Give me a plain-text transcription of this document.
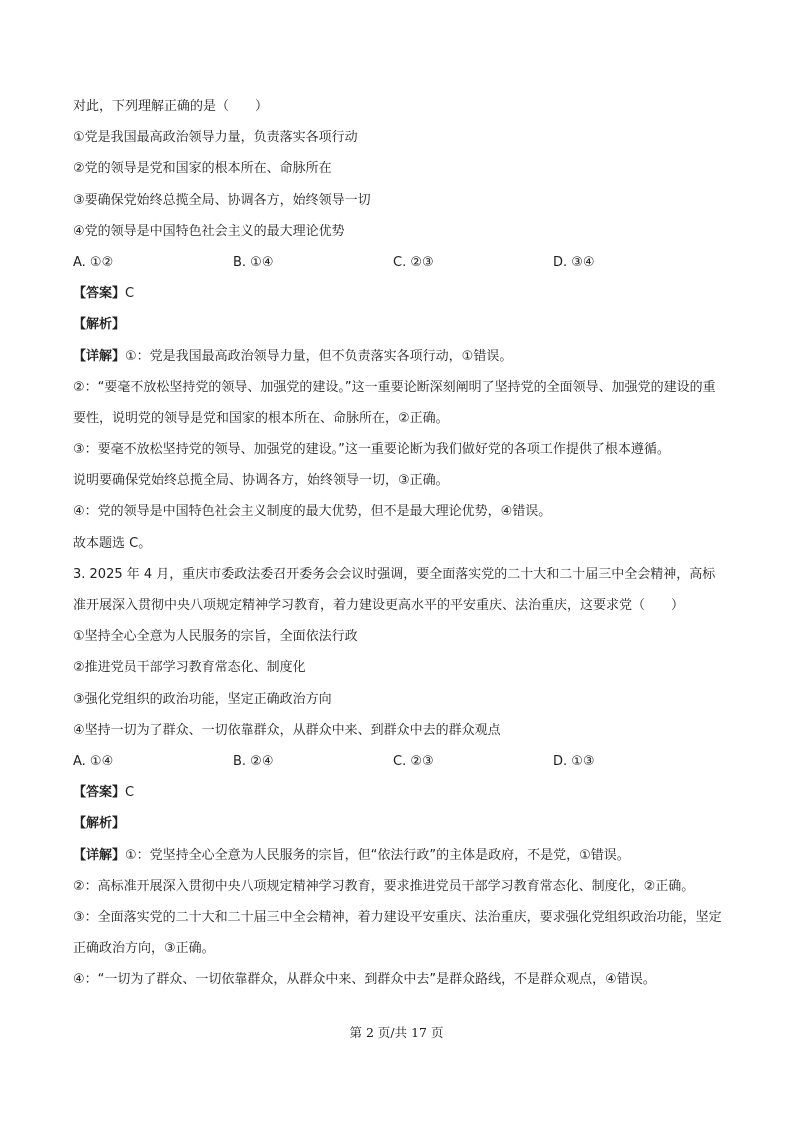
对此，下列理解正确的是（　　）
①党是我国最高政治领导力量，负责落实各项行动
②党的领导是党和国家的根本所在、命脉所在
③要确保党始终总揽全局、协调各方，始终领导一切
④党的领导是中国特色社会主义的最大理论优势
A. ①②	B. ①④	C. ②③	D. ③④
【答案】C
【解析】
【详解】①：党是我国最高政治领导力量，但不负责落实各项行动，①错误。
②：“要毫不放松坚持党的领导、加强党的建设。”这一重要论断深刻阐明了坚持党的全面领导、加强党的建设的重要性，说明党的领导是党和国家的根本所在、命脉所在，②正确。
③：要毫不放松坚持党的领导、加强党的建设。”这一重要论断为我们做好党的各项工作提供了根本遵循。
说明要确保党始终总揽全局、协调各方，始终领导一切，③正确。
④：党的领导是中国特色社会主义制度的最大优势，但不是最大理论优势，④错误。
故本题选 C。
3. 2025 年 4 月，重庆市委政法委召开委务会会议时强调，要全面落实党的二十大和二十届三中全会精神，高标准开展深入贯彻中央八项规定精神学习教育，着力建设更高水平的平安重庆、法治重庆，这要求党（　　）
①坚持全心全意为人民服务的宗旨，全面依法行政
②推进党员干部学习教育常态化、制度化
③强化党组织的政治功能，坚定正确政治方向
④坚持一切为了群众、一切依靠群众，从群众中来、到群众中去的群众观点
A. ①④	B. ②④	C. ②③	D. ①③
【答案】C
【解析】
【详解】①：党坚持全心全意为人民服务的宗旨，但“依法行政”的主体是政府，不是党，①错误。
②：高标准开展深入贯彻中央八项规定精神学习教育，要求推进党员干部学习教育常态化、制度化，②正确。
③：全面落实党的二十大和二十届三中全会精神，着力建设平安重庆、法治重庆，要求强化党组织政治功能，坚定正确政治方向，③正确。
④：“一切为了群众、一切依靠群众，从群众中来、到群众中去”是群众路线，不是群众观点，④错误。
第 2 页/共 17 页
